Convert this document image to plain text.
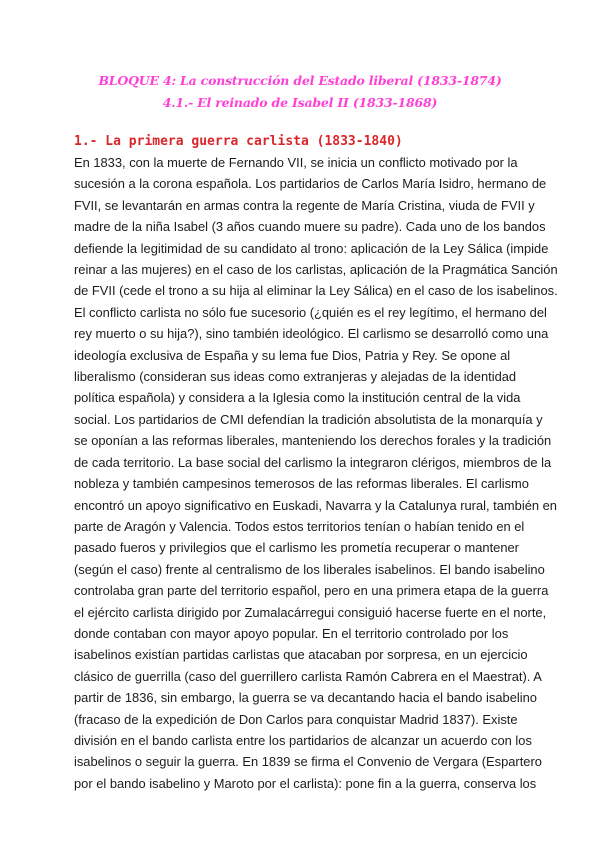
BLOQUE 4: La construcción del Estado liberal (1833-1874)
4.1.- El reinado de Isabel II (1833-1868)
1.- La primera guerra carlista (1833-1840)
En 1833, con la muerte de Fernando VII, se inicia un conflicto motivado por la
sucesión a la corona española. Los partidarios de Carlos María Isidro, hermano de
FVII, se levantarán en armas contra la regente de María Cristina, viuda de FVII y
madre de la niña Isabel (3 años cuando muere su padre). Cada uno de los bandos
defiende la legitimidad de su candidato al trono: aplicación de la Ley Sálica (impide
reinar a las mujeres) en el caso de los carlistas, aplicación de la Pragmática Sanción
de FVII (cede el trono a su hija al eliminar la Ley Sálica) en el caso de los isabelinos.
El conflicto carlista no sólo fue sucesorio (¿quién es el rey legítimo, el hermano del
rey muerto o su hija?), sino también ideológico. El carlismo se desarrolló como una
ideología exclusiva de España y su lema fue Dios, Patria y Rey. Se opone al
liberalismo (consideran sus ideas como extranjeras y alejadas de la identidad
política española) y considera a la Iglesia como la institución central de la vida
social. Los partidarios de CMI defendían la tradición absolutista de la monarquía y
se oponían a las reformas liberales, manteniendo los derechos forales y la tradición
de cada territorio. La base social del carlismo la integraron clérigos, miembros de la
nobleza y también campesinos temerosos de las reformas liberales. El carlismo
encontró un apoyo significativo en Euskadi, Navarra y la Catalunya rural, también en
parte de Aragón y Valencia. Todos estos territorios tenían o habían tenido en el
pasado fueros y privilegios que el carlismo les prometía recuperar o mantener
(según el caso) frente al centralismo de los liberales isabelinos. El bando isabelino
controlaba gran parte del territorio español, pero en una primera etapa de la guerra
el ejército carlista dirigido por Zumalacárregui consiguió hacerse fuerte en el norte,
donde contaban con mayor apoyo popular. En el territorio controlado por los
isabelinos existían partidas carlistas que atacaban por sorpresa, en un ejercicio
clásico de guerrilla (caso del guerrillero carlista Ramón Cabrera en el Maestrat). A
partir de 1836, sin embargo, la guerra se va decantando hacia el bando isabelino
(fracaso de la expedición de Don Carlos para conquistar Madrid 1837). Existe
división en el bando carlista entre los partidarios de alcanzar un acuerdo con los
isabelinos o seguir la guerra. En 1839 se firma el Convenio de Vergara (Espartero
por el bando isabelino y Maroto por el carlista): pone fin a la guerra, conserva los
